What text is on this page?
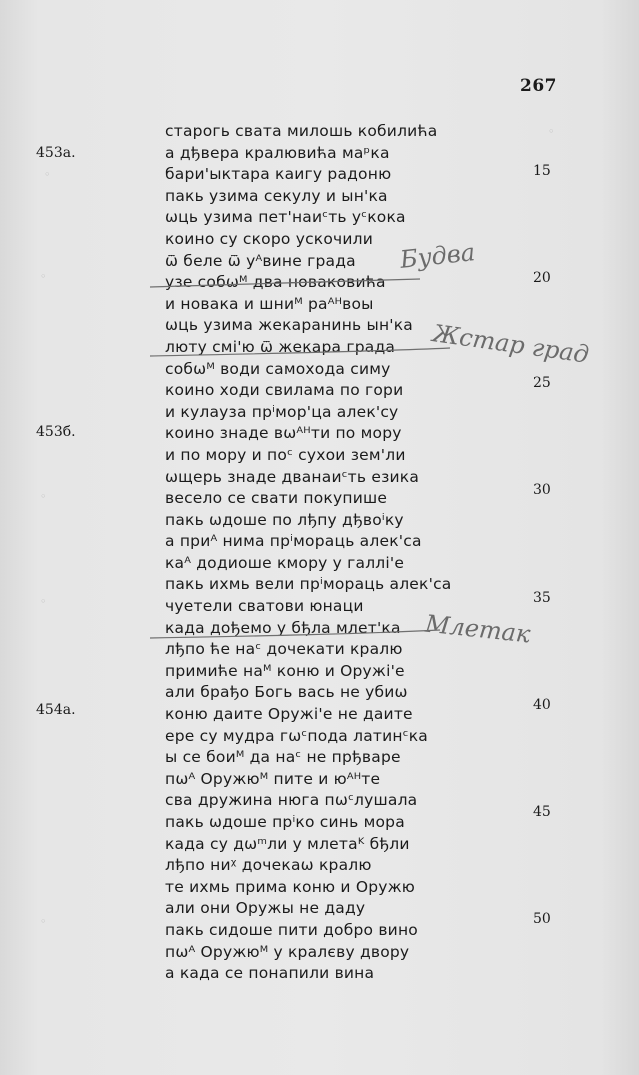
267
◦
◦
◦
◦
◦
◦
453a.
453б.
454a.
15
20
25
30
35
40
45
50
старогь свата милошь кобилића
а дђвера кралювића маᵖка
бари'ыктара каигу радоню
пакь узима секулу и ын'ка
ѡць узима пет'наиᶜть уᶜкока
коино су скоро ускочили
ѿ беле ѿ уᴬвине града
узе собѡᴹ два новаковића
и новака и шниᴹ раᴬᴴвоы
ѡць узима жекаранинь ын'ка
люту смі'ю ѿ жекара града
собѡᴹ води самохода симу
коино ходи свилама по гори
и кулауза прⁱмор'ца алек'су
коино знаде вѡᴬᴴти по мору
и по мору и поᶜ сухои зем'ли
ѡщерь знаде дванаиᶜть езика
весело се свати покупише
пакь ѡдоше по лђпу дђвоⁱку
а приᴬ нима прⁱмораць алек'са
каᴬ додиоше кмору у галлі'е
пакь ихмь вели прⁱмораць алек'са
чуетели сватови юнаци
када дођемо у бђла млет'ка
лђпо ће наᶜ дочекати кралю
примиће наᴹ коню и Оружі'е
али брађо Богь вась не убиѡ
коню даите Оружі'е не даите
ере су мудра гѡᶜпода латинᶜка
ы се боиᴹ да наᶜ не прђваре
пѡᴬ Оружюᴹ пите и юᴬᴴте
сва дружина нюга пѡᶜлушала
пакь ѡдоше прⁱко синь мора
када су дѡᵐли у млетаᴷ бђли
лђпо ниᵡ дочекаѡ кралю
те ихмь прима коню и Оружю
али они Оружы не даду
пакь сидоше пити добро вино
пѡᴬ Оружюᴹ у кралєву двору
а када се понапили вина
Будва
Жстар град
Млетак
